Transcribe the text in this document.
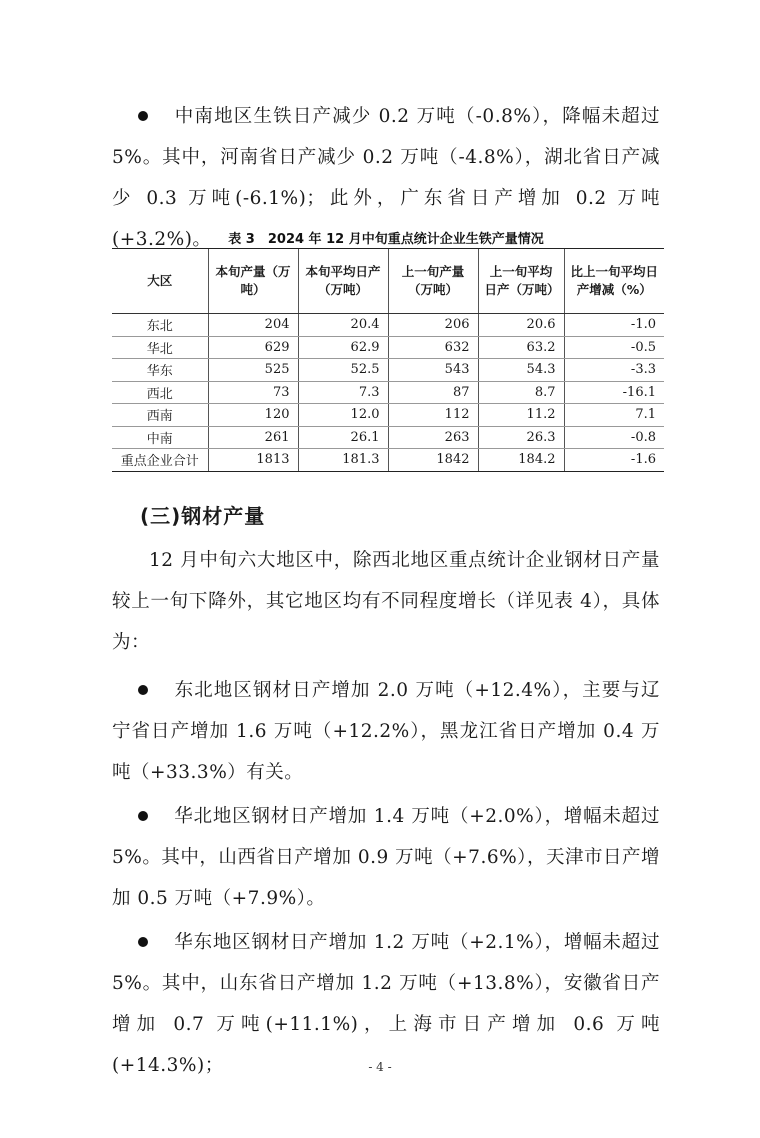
中南地区生铁日产减少 0.2 万吨（-0.8%），降幅未超过 5%。其中，河南省日产减少 0.2 万吨（-4.8%），湖北省日产减少 0.3 万吨(-6.1%)；此外，广东省日产增加 0.2 万吨(+3.2%)。	表 3　2024 年 12 月中旬重点统计企业生铁产量情况

大区	本旬产量（万吨）	本旬平均日产（万吨）	上一旬产量（万吨）	上一旬平均日产（万吨）	比上一旬平均日产增减（%）
东北	204	20.4	206	20.6	-1.0
华北	629	62.9	632	63.2	-0.5
华东	525	52.5	543	54.3	-3.3
西北	73	7.3	87	8.7	-16.1
西南	120	12.0	112	11.2	7.1
中南	261	26.1	263	26.3	-0.8
重点企业合计	1813	181.3	1842	184.2	-1.6

(三)钢材产量

12 月中旬六大地区中，除西北地区重点统计企业钢材日产量较上一旬下降外，其它地区均有不同程度增长（详见表 4），具体为：

东北地区钢材日产增加 2.0 万吨（+12.4%），主要与辽宁省日产增加 1.6 万吨（+12.2%），黑龙江省日产增加 0.4 万吨（+33.3%）有关。

华北地区钢材日产增加 1.4 万吨（+2.0%），增幅未超过 5%。其中，山西省日产增加 0.9 万吨（+7.6%），天津市日产增加 0.5 万吨（+7.9%）。

华东地区钢材日产增加 1.2 万吨（+2.1%），增幅未超过 5%。其中，山东省日产增加 1.2 万吨（+13.8%），安徽省日产增加 0.7 万吨(+11.1%)，上海市日产增加 0.6 万吨(+14.3%)；	- 4 -
